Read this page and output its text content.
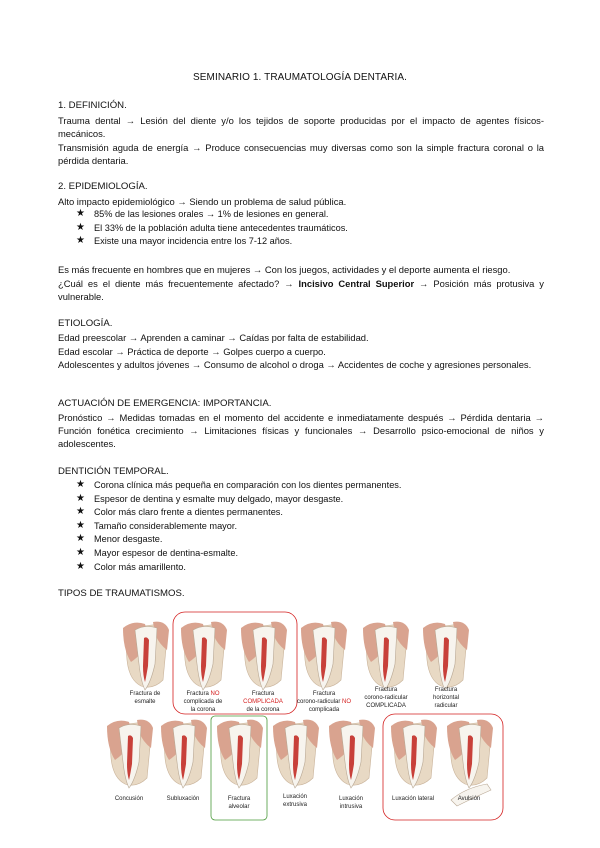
SEMINARIO 1. TRAUMATOLOGÍA DENTARIA.
1. DEFINICIÓN.
Trauma dental → Lesión del diente y/o los tejidos de soporte producidas por el impacto de agentes físicos-mecánicos.
Transmisión aguda de energía → Produce consecuencias muy diversas como son la simple fractura coronal o la pérdida dentaria.
2. EPIDEMIOLOGÍA.
Alto impacto epidemiológico → Siendo un problema de salud pública.
★ 85% de las lesiones orales → 1% de lesiones en general.
★ El 33% de la población adulta tiene antecedentes traumáticos.
★ Existe una mayor incidencia entre los 7-12 años.
Es más frecuente en hombres que en mujeres → Con los juegos, actividades y el deporte aumenta el riesgo.
¿Cuál es el diente más frecuentemente afectado? → Incisivo Central Superior → Posición más protusiva y vulnerable.
ETIOLOGÍA.
Edad preescolar → Aprenden a caminar → Caídas por falta de estabilidad.
Edad escolar → Práctica de deporte → Golpes cuerpo a cuerpo.
Adolescentes y adultos jóvenes → Consumo de alcohol o droga → Accidentes de coche y agresiones personales.
ACTUACIÓN DE EMERGENCIA: IMPORTANCIA.
Pronóstico → Medidas tomadas en el momento del accidente e inmediatamente después → Pérdida dentaria → Función fonética crecimiento → Limitaciones físicas y funcionales → Desarrollo psico-emocional de niños y adolescentes.
DENTICIÓN TEMPORAL.
★ Corona clínica más pequeña en comparación con los dientes permanentes.
★ Espesor de dentina y esmalte muy delgado, mayor desgaste.
★ Color más claro frente a dientes permanentes.
★ Tamaño considerablemente mayor.
★ Menor desgaste.
★ Mayor espesor de dentina-esmalte.
★ Color más amarillento.
TIPOS DE TRAUMATISMOS.
Fractura de
esmalte
Fractura NO
complicada de
la corona
Fractura
COMPLICADA
de la corona
Fractura
corono-radicular NO
complicada
Fractura
corono-radicular
COMPLICADA
Fractura
horizontal
radicular
Concusión	Subluxación	Fractura
alveolar
Luxación
extrusiva
Luxación
intrusiva
Luxación lateral	Avulsión
